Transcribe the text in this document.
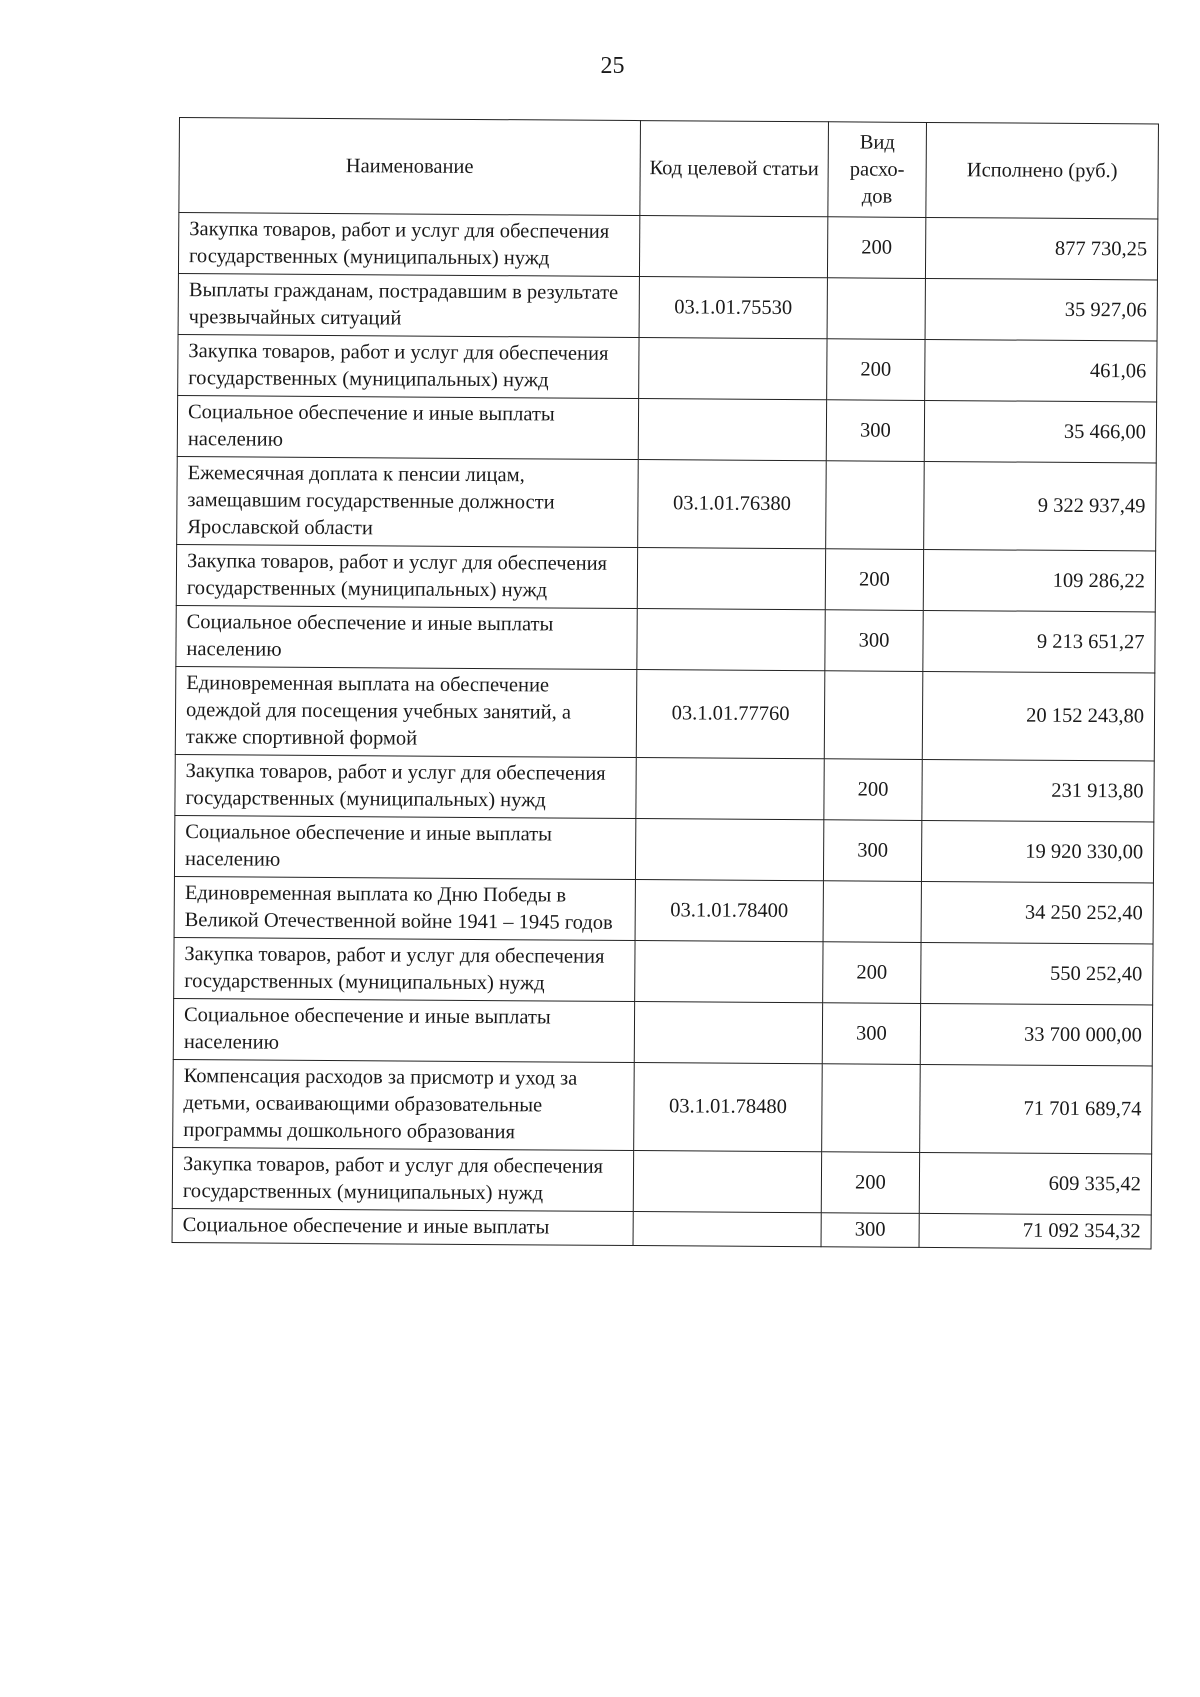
25
Наименование	Код целевой статьи	Вид расхо-дов	Исполнено (руб.)
Закупка товаров, работ и услуг для обеспечения государственных (муниципальных) нужд		200	877 730,25
Выплаты гражданам, пострадавшим в результате чрезвычайных ситуаций	03.1.01.75530		35 927,06
Закупка товаров, работ и услуг для обеспечения государственных (муниципальных) нужд		200	461,06
Социальное обеспечение и иные выплаты населению		300	35 466,00
Ежемесячная доплата к пенсии лицам, замещавшим государственные должности Ярославской области	03.1.01.76380		9 322 937,49
Закупка товаров, работ и услуг для обеспечения государственных (муниципальных) нужд		200	109 286,22
Социальное обеспечение и иные выплаты населению		300	9 213 651,27
Единовременная выплата на обеспечение одеждой для посещения учебных занятий, а также спортивной формой	03.1.01.77760		20 152 243,80
Закупка товаров, работ и услуг для обеспечения государственных (муниципальных) нужд		200	231 913,80
Социальное обеспечение и иные выплаты населению		300	19 920 330,00
Единовременная выплата ко Дню Победы в Великой Отечественной войне 1941 – 1945 годов	03.1.01.78400		34 250 252,40
Закупка товаров, работ и услуг для обеспечения государственных (муниципальных) нужд		200	550 252,40
Социальное обеспечение и иные выплаты населению		300	33 700 000,00
Компенсация расходов за присмотр и уход за детьми, осваивающими образовательные программы дошкольного образования	03.1.01.78480		71 701 689,74
Закупка товаров, работ и услуг для обеспечения государственных (муниципальных) нужд		200	609 335,42
Социальное обеспечение и иные выплаты		300	71 092 354,32
